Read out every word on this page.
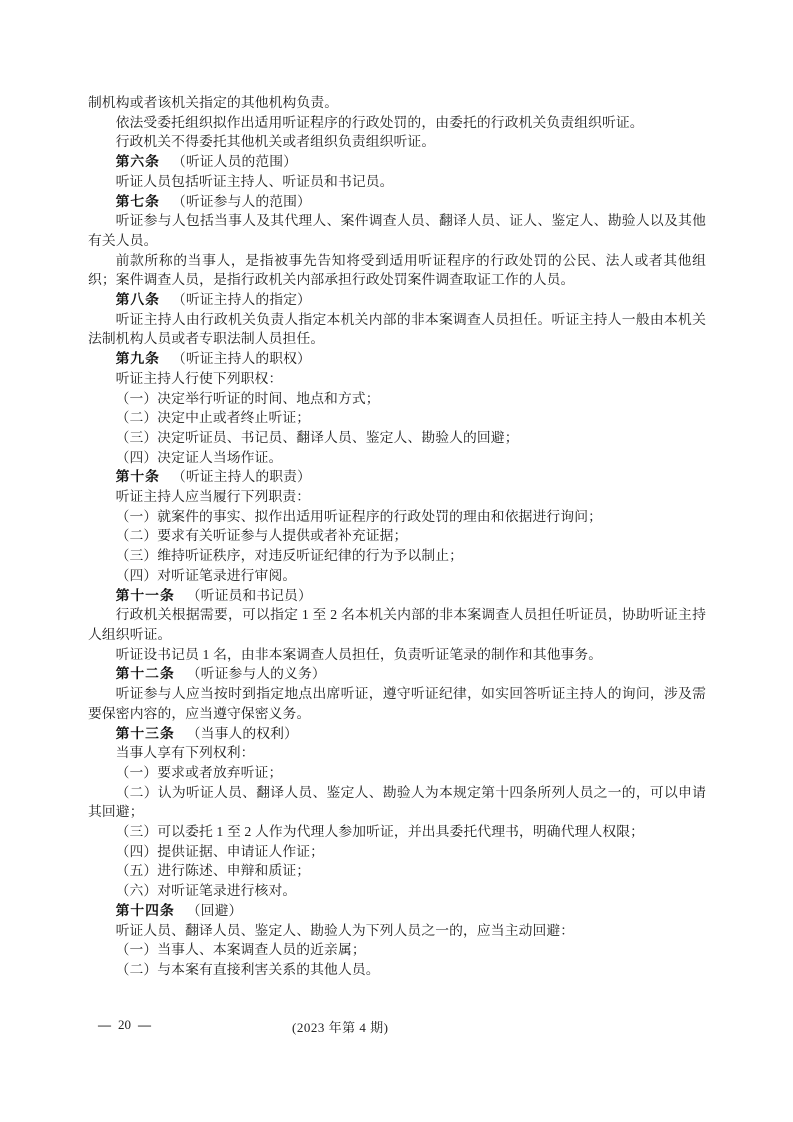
制机构或者该机关指定的其他机构负责。

依法受委托组织拟作出适用听证程序的行政处罚的，由委托的行政机关负责组织听证。

行政机关不得委托其他机关或者组织负责组织听证。

第六条 （听证人员的范围）

听证人员包括听证主持人、听证员和书记员。

第七条 （听证参与人的范围）

听证参与人包括当事人及其代理人、案件调查人员、翻译人员、证人、鉴定人、勘验人以及其他有关人员。

前款所称的当事人，是指被事先告知将受到适用听证程序的行政处罚的公民、法人或者其他组织；案件调查人员，是指行政机关内部承担行政处罚案件调查取证工作的人员。

第八条 （听证主持人的指定）

听证主持人由行政机关负责人指定本机关内部的非本案调查人员担任。听证主持人一般由本机关法制机构人员或者专职法制人员担任。

第九条 （听证主持人的职权）

听证主持人行使下列职权：

（一）决定举行听证的时间、地点和方式；

（二）决定中止或者终止听证；

（三）决定听证员、书记员、翻译人员、鉴定人、勘验人的回避；

（四）决定证人当场作证。

第十条 （听证主持人的职责）

听证主持人应当履行下列职责：

（一）就案件的事实、拟作出适用听证程序的行政处罚的理由和依据进行询问；

（二）要求有关听证参与人提供或者补充证据；

（三）维持听证秩序，对违反听证纪律的行为予以制止；

（四）对听证笔录进行审阅。

第十一条 （听证员和书记员）

行政机关根据需要，可以指定 1 至 2 名本机关内部的非本案调查人员担任听证员，协助听证主持人组织听证。

听证设书记员 1 名，由非本案调查人员担任，负责听证笔录的制作和其他事务。

第十二条 （听证参与人的义务）

听证参与人应当按时到指定地点出席听证，遵守听证纪律，如实回答听证主持人的询问，涉及需要保密内容的，应当遵守保密义务。

第十三条 （当事人的权利）

当事人享有下列权利：

（一）要求或者放弃听证；

（二）认为听证人员、翻译人员、鉴定人、勘验人为本规定第十四条所列人员之一的，可以申请其回避；

（三）可以委托 1 至 2 人作为代理人参加听证，并出具委托代理书，明确代理人权限；

（四）提供证据、申请证人作证；

（五）进行陈述、申辩和质证；

（六）对听证笔录进行核对。

第十四条 （回避）

听证人员、翻译人员、鉴定人、勘验人为下列人员之一的，应当主动回避：

（一）当事人、本案调查人员的近亲属；

（二）与本案有直接利害关系的其他人员。

— 20 —	(2023 年第 4 期)
